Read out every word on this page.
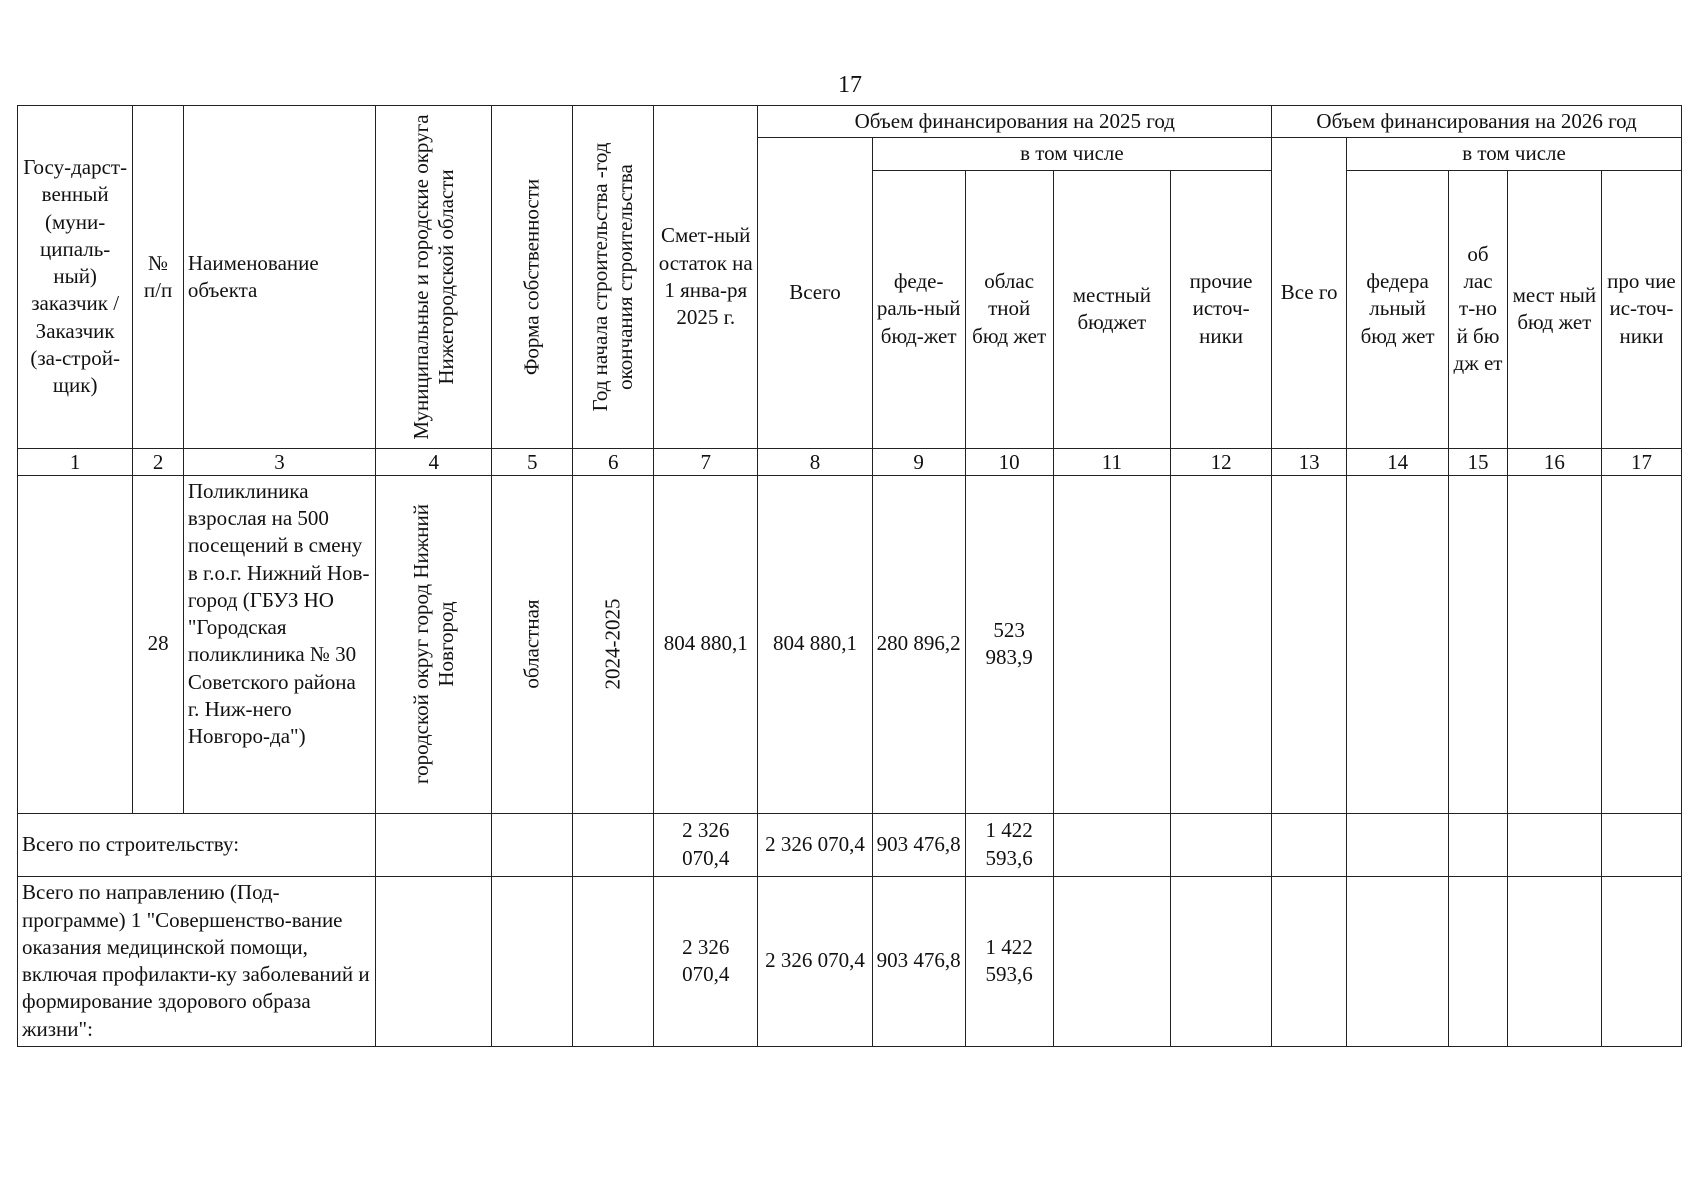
17
Госу-дарст-венный (муни-ципаль-ный) заказчик / Заказчик (за-строй-щик)	№ п/п	Наименование объекта	Муниципальные и городские округа Нижегородской области	Форма собственности	Год начала строительства -год окончания строительства	Смет-ный остаток на 1 янва-ря 2025 г.	Объем финансирования на 2025 год					Объем финансирования на 2026 год				
							Всего	в том числе				Все го	в том числе			
								феде-раль-ный бюд-жет	облас тной бюд жет	местный бюджет	прочие источ-ники		федера льный бюд жет	об лас т-но й бю дж ет	мест ный бюд жет	про чие ис-точ-ники
1	2	3	4	5	6	7	8	9	10	11	12	13	14	15	16	17
	28	Поликлиника взрослая на 500 посещений в смену в г.о.г. Нижний Нов-город (ГБУЗ НО "Городская поликлиника № 30 Советского района г. Ниж-него Новгоро-да")	городской округ город Нижний Новгород	областная	2024-2025	804 880,1	804 880,1	280 896,2	523 983,9							
Всего по строительству:						2 326 070,4	2 326 070,4	903 476,8	1 422 593,6							
Всего по направлению (Под-программе) 1 "Совершенство-вание оказания медицинской помощи, включая профилакти-ку заболеваний и формирование здорового образа жизни":						2 326 070,4	2 326 070,4	903 476,8	1 422 593,6							
